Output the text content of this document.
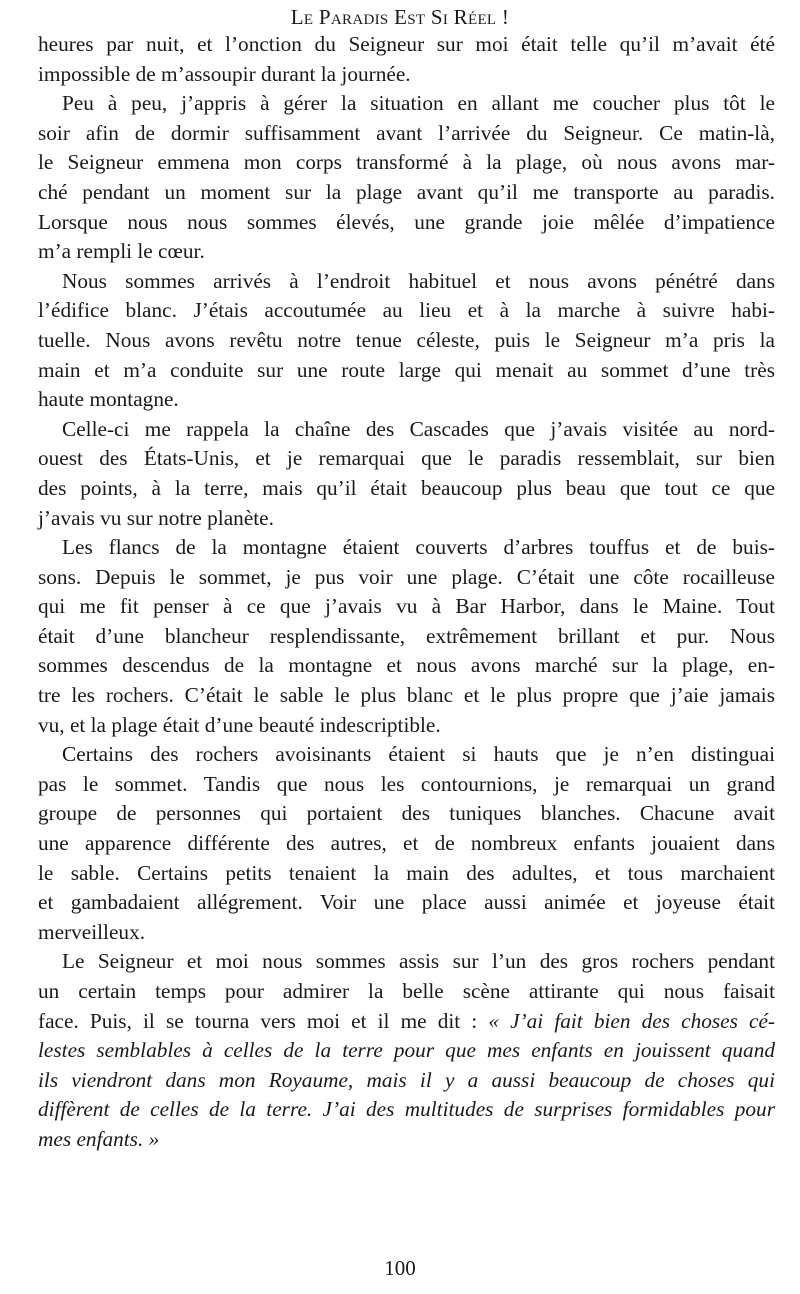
Le Paradis Est Si Réel !
heures par nuit, et l’onction du Seigneur sur moi était telle qu’il m’avait été
impossible de m’assoupir durant la journée.
Peu à peu, j’appris à gérer la situation en allant me coucher plus tôt le
soir afin de dormir suffisamment avant l’arrivée du Seigneur. Ce matin-là,
le Seigneur emmena mon corps transformé à la plage, où nous avons mar-
ché pendant un moment sur la plage avant qu’il me transporte au paradis.
Lorsque nous nous sommes élevés, une grande joie mêlée d’impatience
m’a rempli le cœur.
Nous sommes arrivés à l’endroit habituel et nous avons pénétré dans
l’édifice blanc. J’étais accoutumée au lieu et à la marche à suivre habi-
tuelle. Nous avons revêtu notre tenue céleste, puis le Seigneur m’a pris la
main et m’a conduite sur une route large qui menait au sommet d’une très
haute montagne.
Celle-ci me rappela la chaîne des Cascades que j’avais visitée au nord-
ouest des États-Unis, et je remarquai que le paradis ressemblait, sur bien
des points, à la terre, mais qu’il était beaucoup plus beau que tout ce que
j’avais vu sur notre planète.
Les flancs de la montagne étaient couverts d’arbres touffus et de buis-
sons. Depuis le sommet, je pus voir une plage. C’était une côte rocailleuse
qui me fit penser à ce que j’avais vu à Bar Harbor, dans le Maine. Tout
était d’une blancheur resplendissante, extrêmement brillant et pur. Nous
sommes descendus de la montagne et nous avons marché sur la plage, en-
tre les rochers. C’était le sable le plus blanc et le plus propre que j’aie jamais
vu, et la plage était d’une beauté indescriptible.
Certains des rochers avoisinants étaient si hauts que je n’en distinguai
pas le sommet. Tandis que nous les contournions, je remarquai un grand
groupe de personnes qui portaient des tuniques blanches. Chacune avait
une apparence différente des autres, et de nombreux enfants jouaient dans
le sable. Certains petits tenaient la main des adultes, et tous marchaient
et gambadaient allégrement. Voir une place aussi animée et joyeuse était
merveilleux.
Le Seigneur et moi nous sommes assis sur l’un des gros rochers pendant
un certain temps pour admirer la belle scène attirante qui nous faisait
face. Puis, il se tourna vers moi et il me dit : « J’ai fait bien des choses cé-
lestes semblables à celles de la terre pour que mes enfants en jouissent quand
ils viendront dans mon Royaume, mais il y a aussi beaucoup de choses qui
diffèrent de celles de la terre. J’ai des multitudes de surprises formidables pour
mes enfants. »
100
